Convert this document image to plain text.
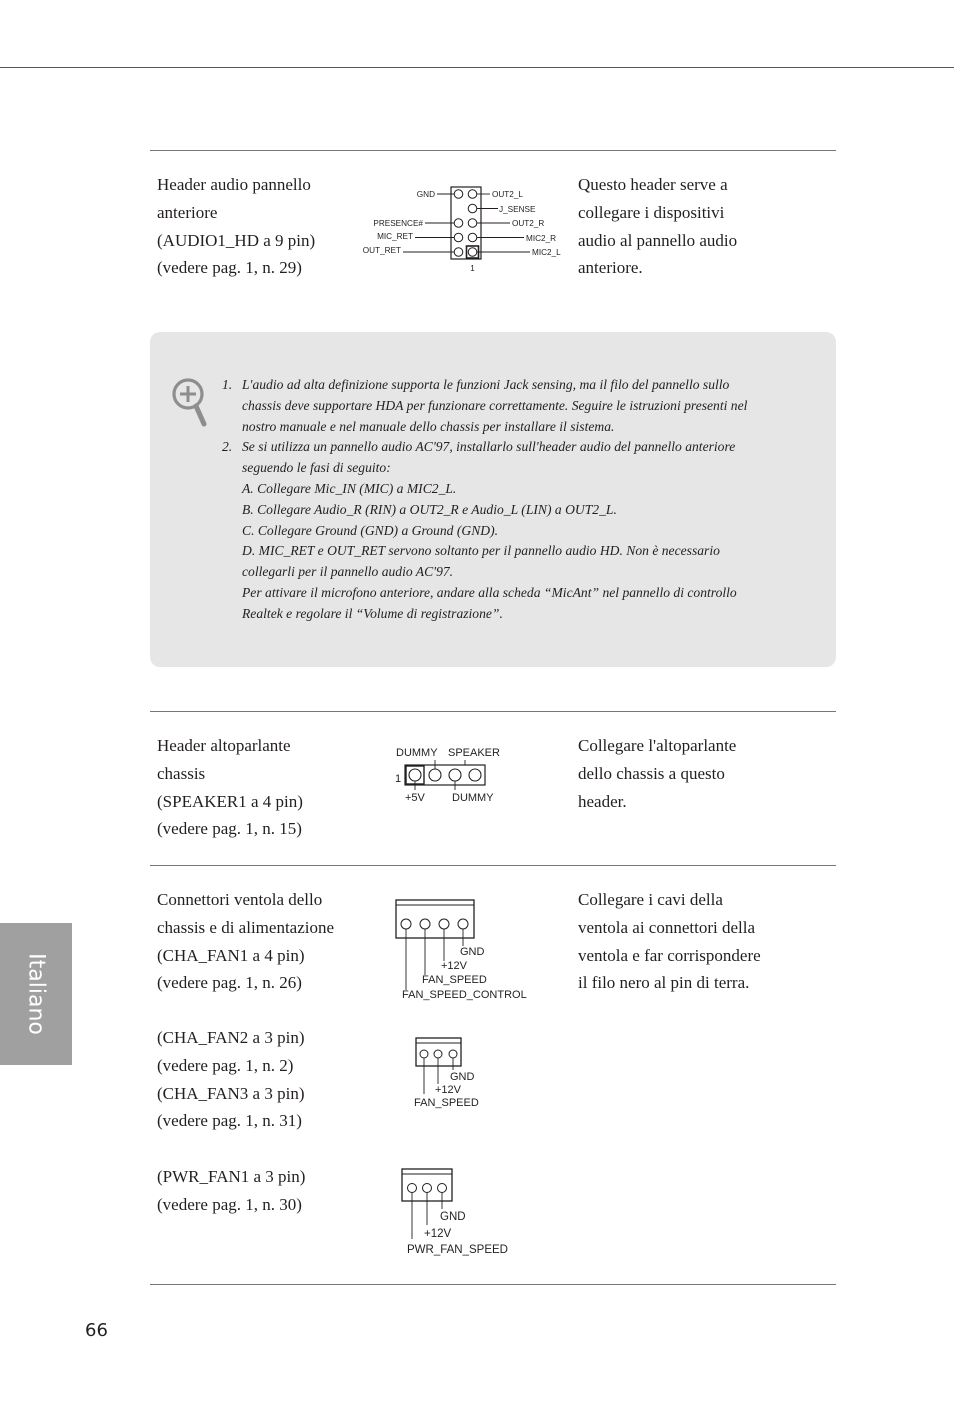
Header audio pannello
anteriore
(AUDIO1_HD a 9 pin)
(vedere pag. 1, n. 29)
GND	OUT2_L
J_SENSE
PRESENCE#	OUT2_R
MIC_RET	MIC2_R
OUT_RET	MIC2_L
1
Questo header serve a
collegare i dispositivi
audio al pannello audio
anteriore.
1. L'audio ad alta definizione supporta le funzioni Jack sensing, ma il filo del pannello sullo
chassis deve supportare HDA per funzionare correttamente. Seguire le istruzioni presenti nel
nostro manuale e nel manuale dello chassis per installare il sistema.
2. Se si utilizza un pannello audio AC'97, installarlo sull'header audio del pannello anteriore
seguendo le fasi di seguito:
A. Collegare Mic_IN (MIC) a MIC2_L.
B. Collegare Audio_R (RIN) a OUT2_R e Audio_L (LIN) a OUT2_L.
C. Collegare Ground (GND) a Ground (GND).
D. MIC_RET e OUT_RET servono soltanto per il pannello audio HD. Non è necessario
collegarli per il pannello audio AC'97.
Per attivare il microfono anteriore, andare alla scheda “MicAnt” nel pannello di controllo
Realtek e regolare il “Volume di registrazione”.
Header altoparlante
chassis
(SPEAKER1 a 4 pin)
(vedere pag. 1, n. 15)
DUMMY SPEAKER
1
+5V DUMMY
Collegare l'altoparlante
dello chassis a questo
header.
Connettori ventola dello
chassis e di alimentazione
(CHA_FAN1 a 4 pin)
(vedere pag. 1, n. 26)
GND
+12V
FAN_SPEED
FAN_SPEED_CONTROL
Collegare i cavi della
ventola ai connettori della
ventola e far corrispondere
il filo nero al pin di terra.
(CHA_FAN2 a 3 pin)
(vedere pag. 1, n. 2)
(CHA_FAN3 a 3 pin)
(vedere pag. 1, n. 31)
GND
+12V
FAN_SPEED
(PWR_FAN1 a 3 pin)
(vedere pag. 1, n. 30)
GND
+12V
PWR_FAN_SPEED
Italiano
66
